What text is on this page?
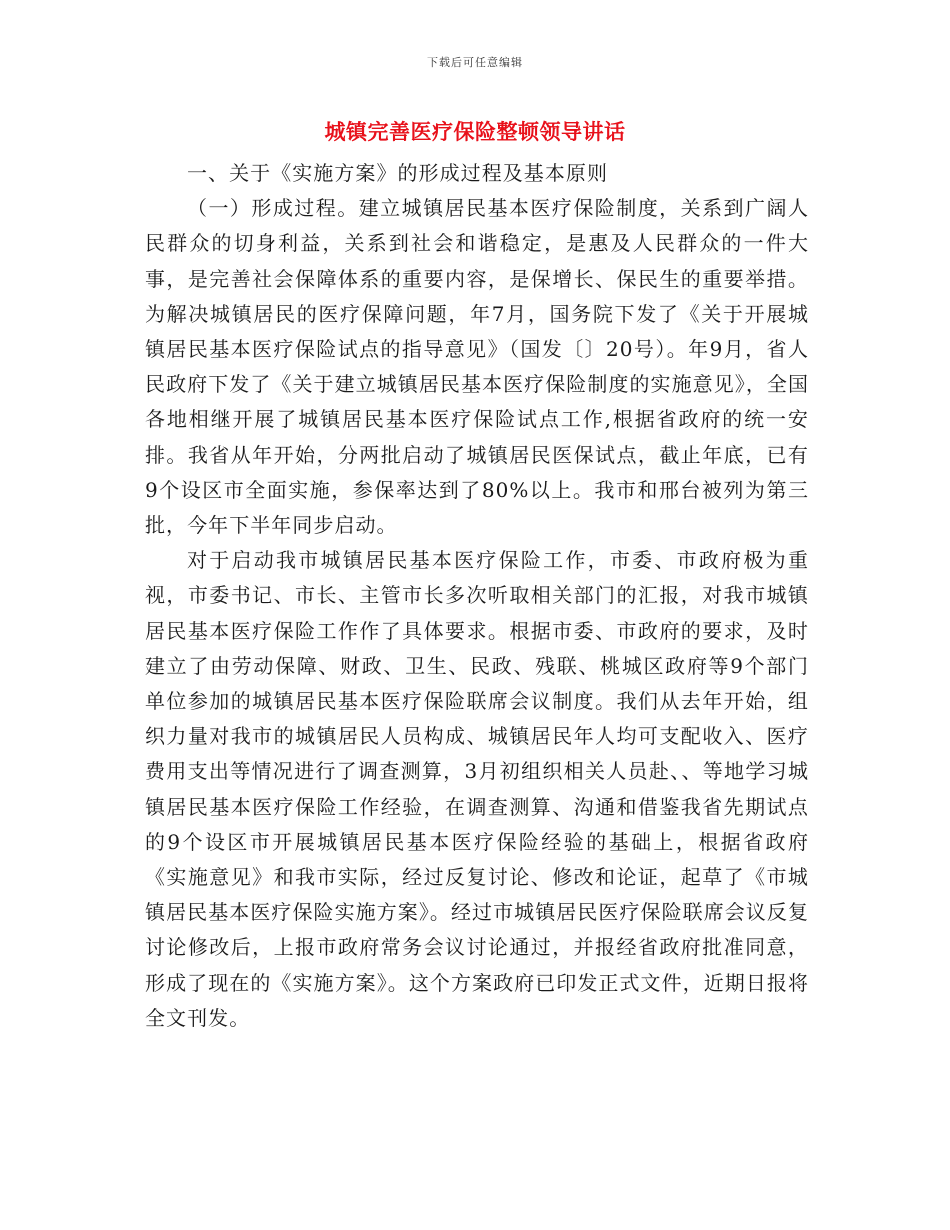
下载后可任意编辑
城镇完善医疗保险整顿领导讲话

一、关于《实施方案》的形成过程及基本原则

（一）形成过程。建立城镇居民基本医疗保险制度，关系到广阔人民群众的切身利益，关系到社会和谐稳定，是惠及人民群众的一件大事，是完善社会保障体系的重要内容，是保增长、保民生的重要举措。为解决城镇居民的医疗保障问题，年7月，国务院下发了《关于开展城镇居民基本医疗保险试点的指导意见》（国发〔〕20号）。年9月，省人民政府下发了《关于建立城镇居民基本医疗保险制度的实施意见》，全国各地相继开展了城镇居民基本医疗保险试点工作,根据省政府的统一安排。我省从年开始，分两批启动了城镇居民医保试点，截止年底，已有9个设区市全面实施，参保率达到了80%以上。我市和邢台被列为第三批，今年下半年同步启动。

对于启动我市城镇居民基本医疗保险工作，市委、市政府极为重视，市委书记、市长、主管市长多次听取相关部门的汇报，对我市城镇居民基本医疗保险工作作了具体要求。根据市委、市政府的要求，及时建立了由劳动保障、财政、卫生、民政、残联、桃城区政府等9个部门单位参加的城镇居民基本医疗保险联席会议制度。我们从去年开始，组织力量对我市的城镇居民人员构成、城镇居民年人均可支配收入、医疗费用支出等情况进行了调查测算，3月初组织相关人员赴、、等地学习城镇居民基本医疗保险工作经验，在调查测算、沟通和借鉴我省先期试点的9个设区市开展城镇居民基本医疗保险经验的基础上，根据省政府《实施意见》和我市实际，经过反复讨论、修改和论证，起草了《市城镇居民基本医疗保险实施方案》。经过市城镇居民医疗保险联席会议反复讨论修改后，上报市政府常务会议讨论通过，并报经省政府批准同意，形成了现在的《实施方案》。这个方案政府已印发正式文件，近期日报将全文刊发。
